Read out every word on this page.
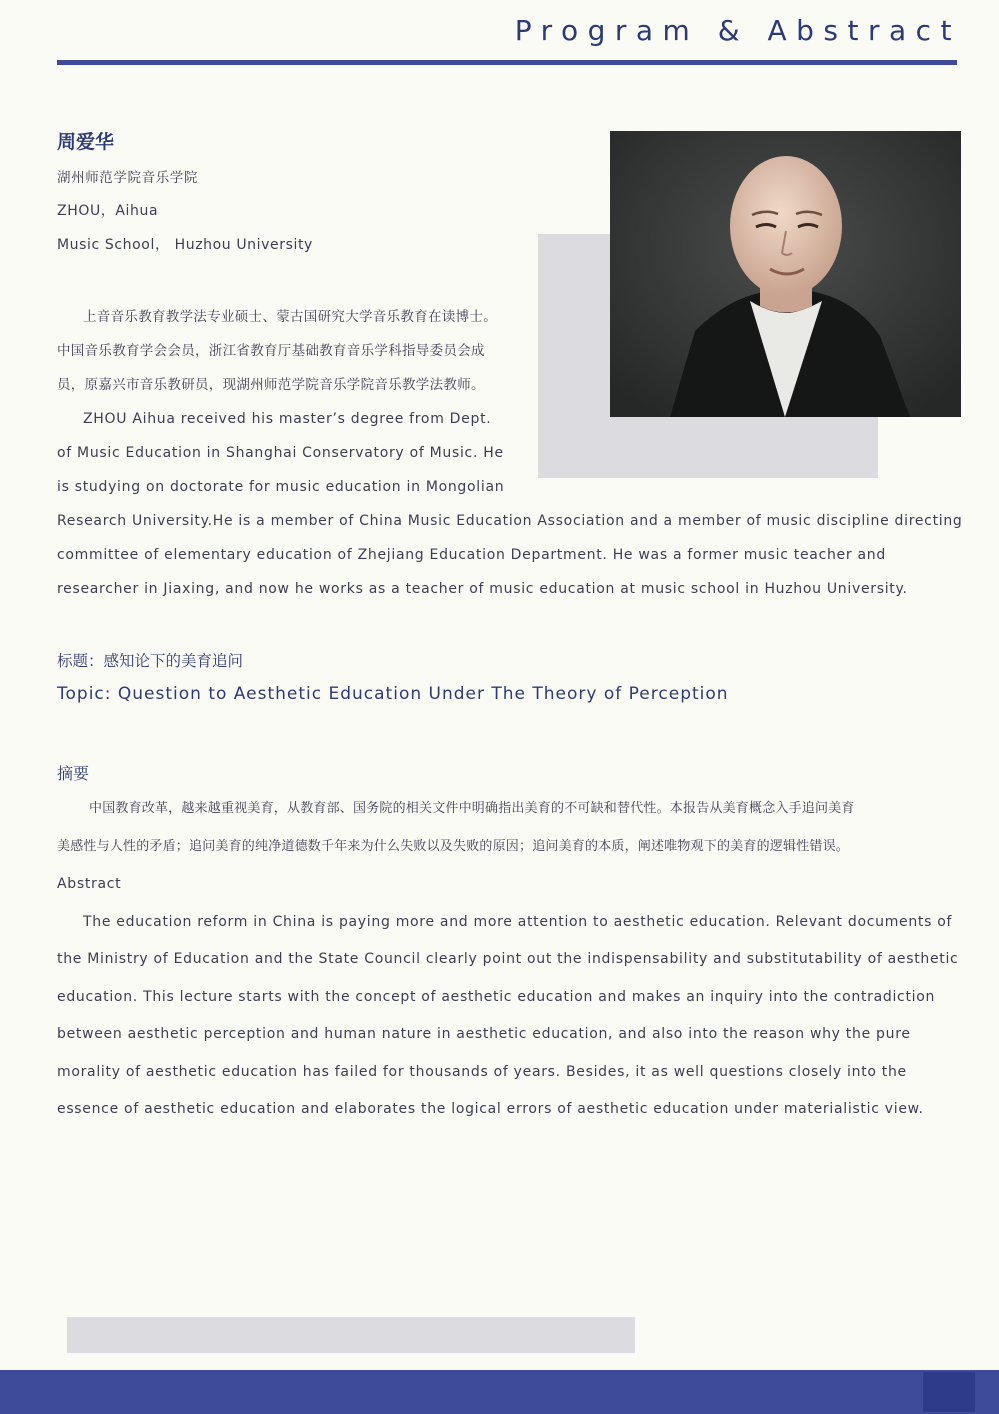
Program & Abstract
周爱华
湖州师范学院音乐学院
ZHOU，Aihua
Music School， Huzhou University
上音音乐教育教学法专业硕士、蒙古国研究大学音乐教育在读博士。
中国音乐教育学会会员，浙江省教育厅基础教育音乐学科指导委员会成
员，原嘉兴市音乐教研员，现湖州师范学院音乐学院音乐教学法教师。
ZHOU Aihua received his master’s degree from Dept.
of Music Education in Shanghai Conservatory of Music. He
is studying on doctorate for music education in Mongolian
Research University.He is a member of China Music Education Association and a member of music discipline directing
committee of elementary education of Zhejiang Education Department. He was a former music teacher and
researcher in Jiaxing, and now he works as a teacher of music education at music school in Huzhou University.
标题：感知论下的美育追问
Topic: Question to Aesthetic Education Under The Theory of Perception
摘要
中国教育改革，越来越重视美育，从教育部、国务院的相关文件中明确指出美育的不可缺和替代性。本报告从美育概念入手追问美育
美感性与人性的矛盾；追问美育的纯净道德数千年来为什么失败以及失败的原因；追问美育的本质，阐述唯物观下的美育的逻辑性错误。
Abstract
The education reform in China is paying more and more attention to aesthetic education. Relevant documents of
the Ministry of Education and the State Council clearly point out the indispensability and substitutability of aesthetic
education. This lecture starts with the concept of aesthetic education and makes an inquiry into the contradiction
between aesthetic perception and human nature in aesthetic education, and also into the reason why the pure
morality of aesthetic education has failed for thousands of years. Besides, it as well questions closely into the
essence of aesthetic education and elaborates the logical errors of aesthetic education under materialistic view.
